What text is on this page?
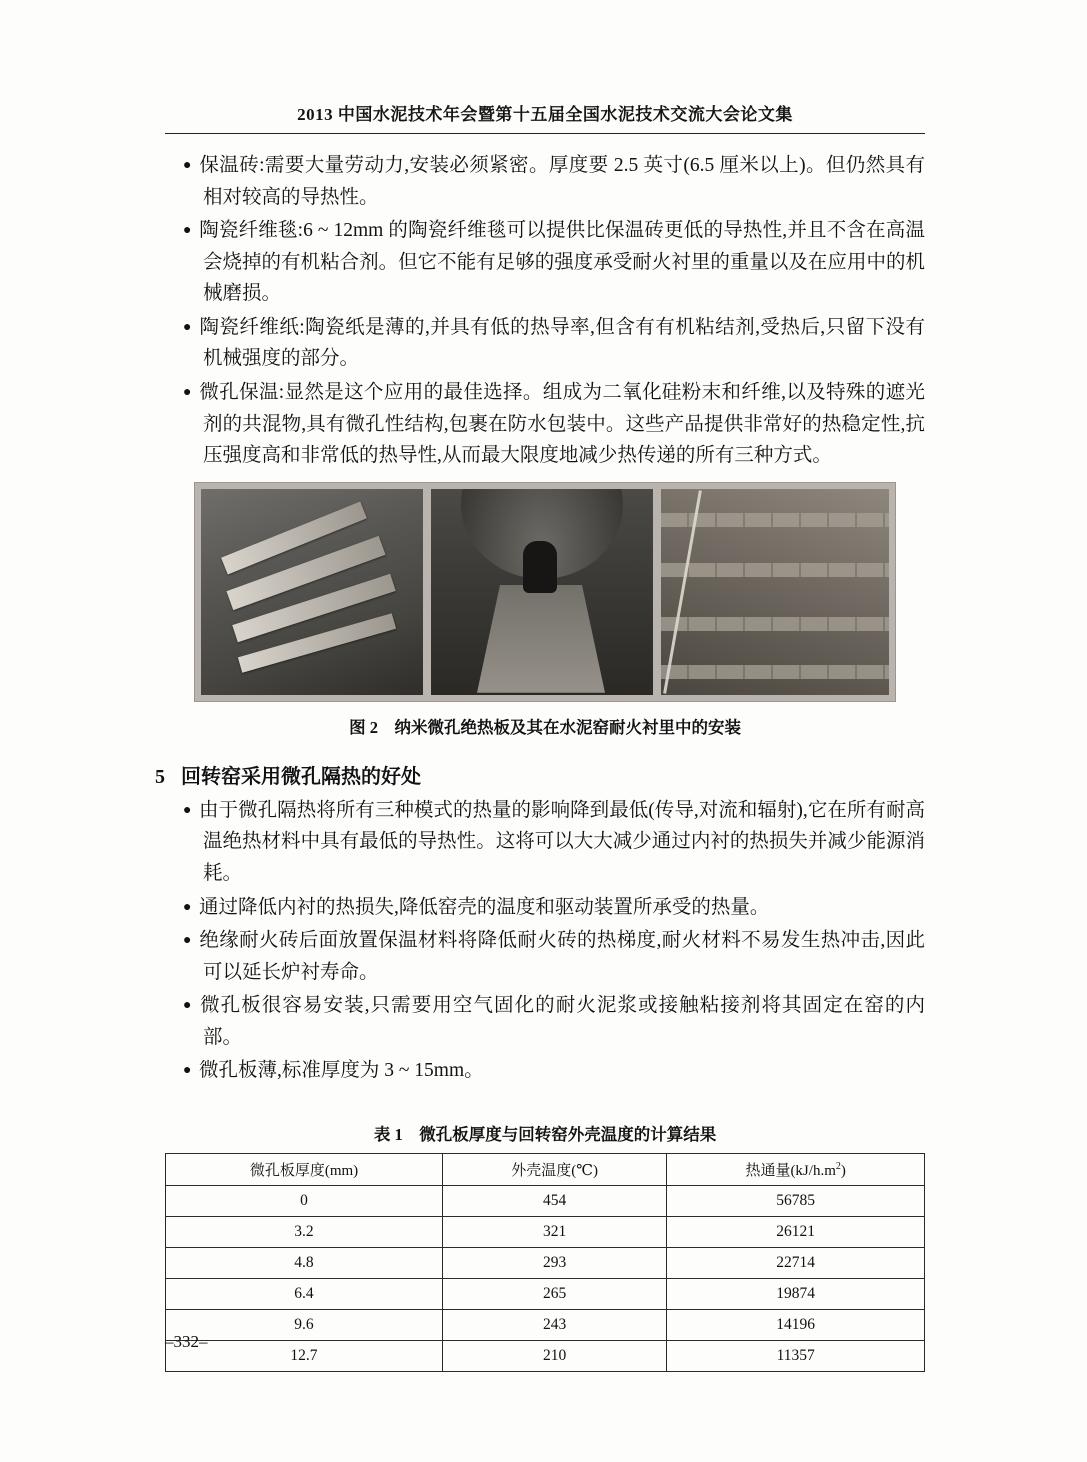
2013 中国水泥技术年会暨第十五届全国水泥技术交流大会论文集

● 保温砖:需要大量劳动力,安装必须紧密。厚度要 2.5 英寸(6.5 厘米以上)。但仍然具有相对较高的导热性。

● 陶瓷纤维毯:6 ~ 12mm 的陶瓷纤维毯可以提供比保温砖更低的导热性,并且不含在高温会烧掉的有机粘合剂。但它不能有足够的强度承受耐火衬里的重量以及在应用中的机械磨损。

● 陶瓷纤维纸:陶瓷纸是薄的,并具有低的热导率,但含有有机粘结剂,受热后,只留下没有机械强度的部分。

● 微孔保温:显然是这个应用的最佳选择。组成为二氧化硅粉末和纤维,以及特殊的遮光剂的共混物,具有微孔性结构,包裹在防水包装中。这些产品提供非常好的热稳定性,抗压强度高和非常低的热导性,从而最大限度地减少热传递的所有三种方式。

图 2　纳米微孔绝热板及其在水泥窑耐火衬里中的安装
5 回转窑采用微孔隔热的好处

● 由于微孔隔热将所有三种模式的热量的影响降到最低(传导,对流和辐射),它在所有耐高温绝热材料中具有最低的导热性。这将可以大大减少通过内衬的热损失并减少能源消耗。

● 通过降低内衬的热损失,降低窑壳的温度和驱动装置所承受的热量。

● 绝缘耐火砖后面放置保温材料将降低耐火砖的热梯度,耐火材料不易发生热冲击,因此可以延长炉衬寿命。

● 微孔板很容易安装,只需要用空气固化的耐火泥浆或接触粘接剂将其固定在窑的内部。

● 微孔板薄,标准厚度为 3 ~ 15mm。

表 1　微孔板厚度与回转窑外壳温度的计算结果
微孔板厚度(mm)	外壳温度(℃)	热通量$(kJ/h.m^2)$
0	454	56785
3.2	321	26121
4.8	293	22714
6.4	265	19874
9.6	243	14196
12.7	210	11357
–332–
